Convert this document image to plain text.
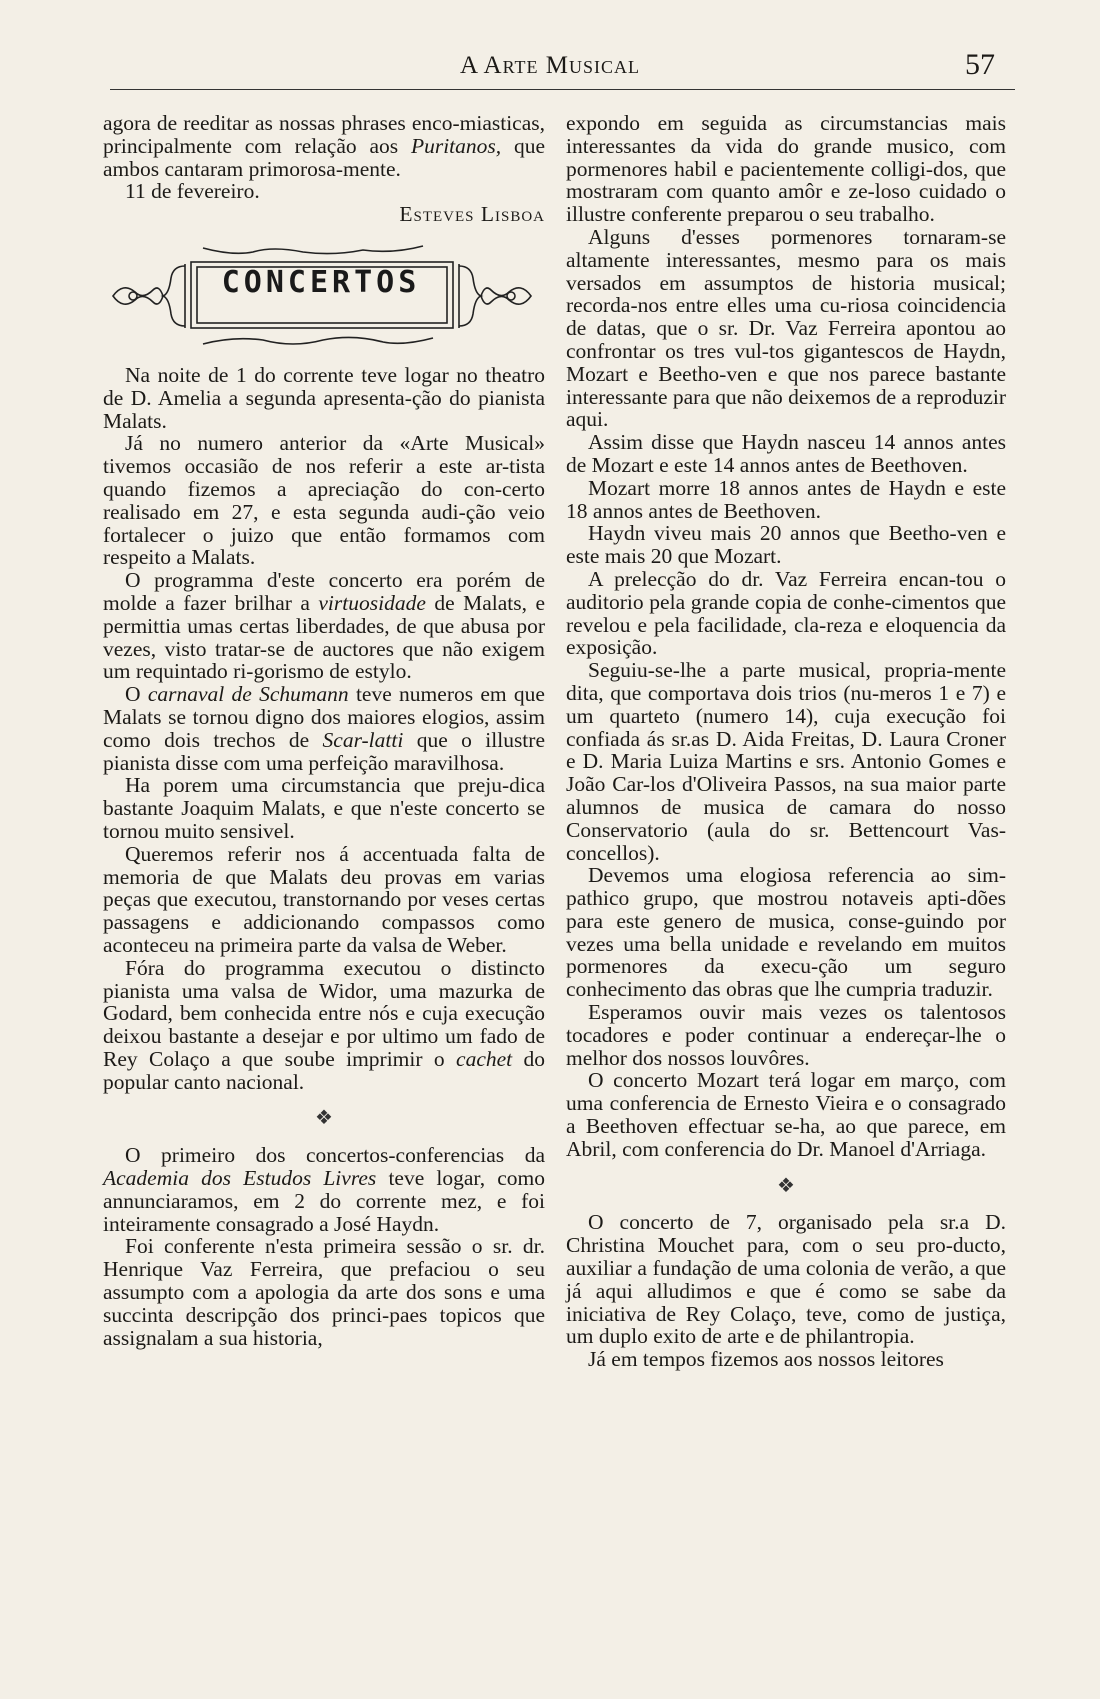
A Arte Musical	57

agora de reeditar as nossas phrases enco-miasticas, principalmente com relação aos Puritanos, que ambos cantaram primorosa-mente.

11 de fevereiro.

Esteves Lisboa

CONCERTOS

Na noite de 1 do corrente teve logar no theatro de D. Amelia a segunda apresenta-ção do pianista Malats.

Já no numero anterior da «Arte Musical» tivemos occasião de nos referir a este ar-tista quando fizemos a apreciação do con-certo realisado em 27, e esta segunda audi-ção veio fortalecer o juizo que então formamos com respeito a Malats.

O programma d'este concerto era porém de molde a fazer brilhar a virtuosidade de Malats, e permittia umas certas liberdades, de que abusa por vezes, visto tratar-se de auctores que não exigem um requintado ri-gorismo de estylo.

O carnaval de Schumann teve numeros em que Malats se tornou digno dos maiores elogios, assim como dois trechos de Scar-latti que o illustre pianista disse com uma perfeição maravilhosa.

Ha porem uma circumstancia que preju-dica bastante Joaquim Malats, e que n'este concerto se tornou muito sensivel.

Queremos referir nos á accentuada falta de memoria de que Malats deu provas em varias peças que executou, transtornando por veses certas passagens e addicionando compassos como aconteceu na primeira parte da valsa de Weber.

Fóra do programma executou o distincto pianista uma valsa de Widor, uma mazurka de Godard, bem conhecida entre nós e cuja execução deixou bastante a desejar e por ultimo um fado de Rey Colaço a que soube imprimir o cachet do popular canto nacional.

❖

O primeiro dos concertos-conferencias da Academia dos Estudos Livres teve logar, como annunciaramos, em 2 do corrente mez, e foi inteiramente consagrado a José Haydn.

Foi conferente n'esta primeira sessão o sr. dr. Henrique Vaz Ferreira, que prefaciou o seu assumpto com a apologia da arte dos sons e uma succinta descripção dos princi-paes topicos que assignalam a sua historia,

expondo em seguida as circumstancias mais interessantes da vida do grande musico, com pormenores habil e pacientemente colligi-dos, que mostraram com quanto amôr e ze-loso cuidado o illustre conferente preparou o seu trabalho.

Alguns d'esses pormenores tornaram-se altamente interessantes, mesmo para os mais versados em assumptos de historia musical; recorda-nos entre elles uma cu-riosa coincidencia de datas, que o sr. Dr. Vaz Ferreira apontou ao confrontar os tres vul-tos gigantescos de Haydn, Mozart e Beetho-ven e que nos parece bastante interessante para que não deixemos de a reproduzir aqui.

Assim disse que Haydn nasceu 14 annos antes de Mozart e este 14 annos antes de Beethoven.

Mozart morre 18 annos antes de Haydn e este 18 annos antes de Beethoven.

Haydn viveu mais 20 annos que Beetho-ven e este mais 20 que Mozart.

A prelecção do dr. Vaz Ferreira encan-tou o auditorio pela grande copia de conhe-cimentos que revelou e pela facilidade, cla-reza e eloquencia da exposição.

Seguiu-se-lhe a parte musical, propria-mente dita, que comportava dois trios (nu-meros 1 e 7) e um quarteto (numero 14), cuja execução foi confiada ás sr.as D. Aida Freitas, D. Laura Croner e D. Maria Luiza Martins e srs. Antonio Gomes e João Car-los d'Oliveira Passos, na sua maior parte alumnos de musica de camara do nosso Conservatorio (aula do sr. Bettencourt Vas-concellos).

Devemos uma elogiosa referencia ao sim-pathico grupo, que mostrou notaveis apti-dões para este genero de musica, conse-guindo por vezes uma bella unidade e revelando em muitos pormenores da execu-ção um seguro conhecimento das obras que lhe cumpria traduzir.

Esperamos ouvir mais vezes os talentosos tocadores e poder continuar a endereçar-lhe o melhor dos nossos louvôres.

O concerto Mozart terá logar em março, com uma conferencia de Ernesto Vieira e o consagrado a Beethoven effectuar se-ha, ao que parece, em Abril, com conferencia do Dr. Manoel d'Arriaga.

❖

O concerto de 7, organisado pela sr.a D. Christina Mouchet para, com o seu pro-ducto, auxiliar a fundação de uma colonia de verão, a que já aqui alludimos e que é como se sabe da iniciativa de Rey Colaço, teve, como de justiça, um duplo exito de arte e de philantropia.

Já em tempos fizemos aos nossos leitores
